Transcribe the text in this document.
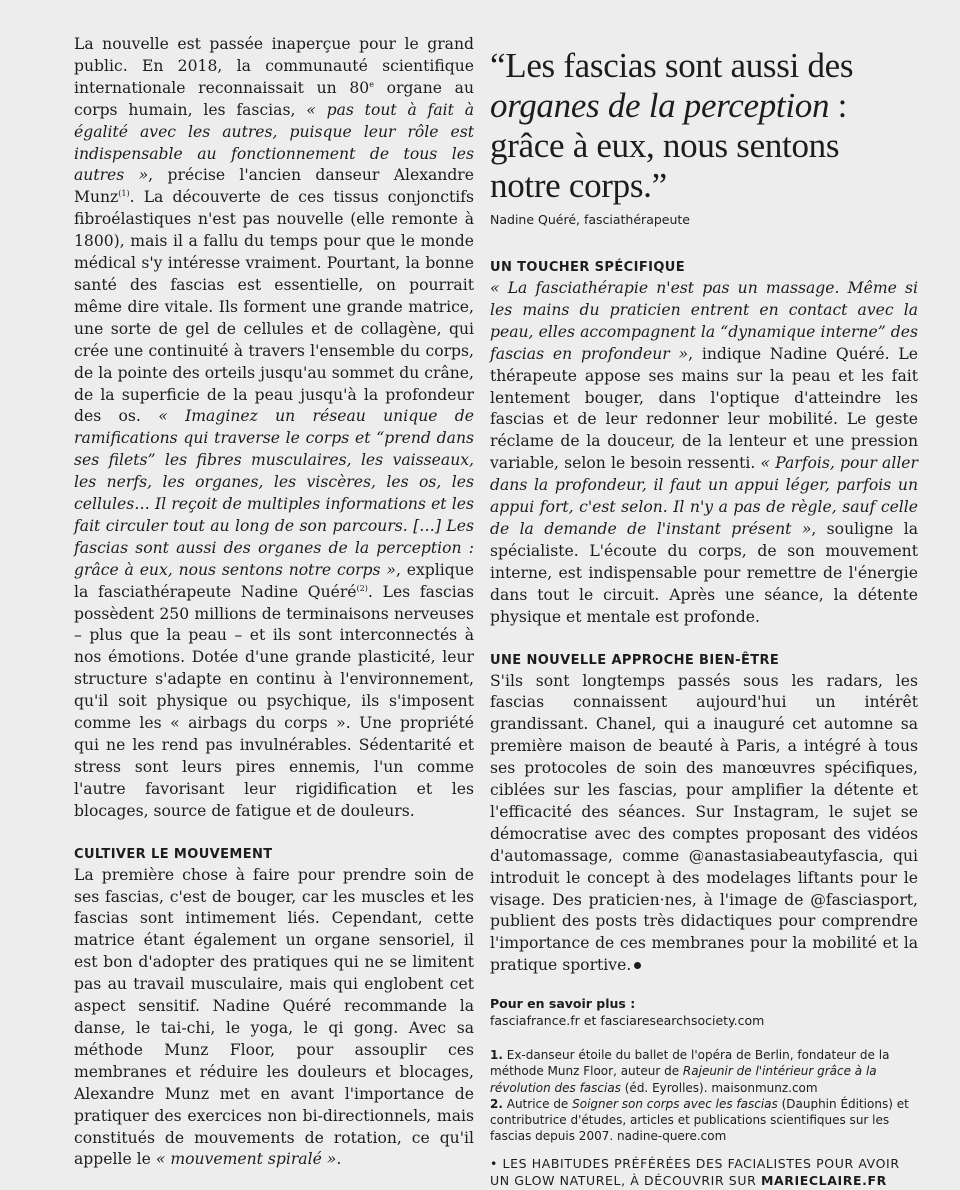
La nouvelle est passée inaperçue pour le grand public. En 2018, la communauté scientifique internationale reconnaissait un 80e organe au corps humain, les fascias, « pas tout à fait à égalité avec les autres, puisque leur rôle est indispensable au fonctionnement de tous les autres », précise l'ancien danseur Alexandre Munz$^{(1)}$. La découverte de ces tissus conjonctifs fibroélastiques n'est pas nouvelle (elle remonte à 1800), mais il a fallu du temps pour que le monde médical s'y intéresse vraiment. Pourtant, la bonne santé des fascias est essentielle, on pourrait même dire vitale. Ils forment une grande matrice, une sorte de gel de cellules et de collagène, qui crée une continuité à travers l'ensemble du corps, de la pointe des orteils jusqu'au sommet du crâne, de la superficie de la peau jusqu'à la profondeur des os. « Imaginez un réseau unique de ramifications qui traverse le corps et “prend dans ses filets” les fibres musculaires, les vaisseaux, les nerfs, les organes, les viscères, les os, les cellules… Il reçoit de multiples informations et les fait circuler tout au long de son parcours. […] Les fascias sont aussi des organes de la perception : grâce à eux, nous sentons notre corps », explique la fasciathérapeute Nadine Quéré$^{(2)}$. Les fascias possèdent 250 millions de terminaisons nerveuses – plus que la peau – et ils sont interconnectés à nos émotions. Dotée d'une grande plasticité, leur structure s'adapte en continu à l'environnement, qu'il soit physique ou psychique, ils s'imposent comme les « airbags du corps ». Une propriété qui ne les rend pas invulnérables. Sédentarité et stress sont leurs pires ennemis, l'un comme l'autre favorisant leur rigidification et les blocages, source de fatigue et de douleurs.

CULTIVER LE MOUVEMENT

La première chose à faire pour prendre soin de ses fascias, c'est de bouger, car les muscles et les fascias sont intimement liés. Cependant, cette matrice étant également un organe sensoriel, il est bon d'adopter des pratiques qui ne se limitent pas au travail musculaire, mais qui englobent cet aspect sensitif. Nadine Quéré recommande la danse, le tai-chi, le yoga, le qi gong. Avec sa méthode Munz Floor, pour assouplir ces membranes et réduire les douleurs et blocages, Alexandre Munz met en avant l'importance de pratiquer des exercices non bi-directionnels, mais constitués de mouvements de rotation, ce qu'il appelle le « mouvement spiralé ».

“Les fascias sont aussi des organes de la perception : grâce à eux, nous sentons notre corps.”

Nadine Quéré, fasciathérapeute

UN TOUCHER SPÉCIFIQUE

« La fasciathérapie n'est pas un massage. Même si les mains du praticien entrent en contact avec la peau, elles accompagnent la “dynamique interne” des fascias en profondeur », indique Nadine Quéré. Le thérapeute appose ses mains sur la peau et les fait lentement bouger, dans l'optique d'atteindre les fascias et de leur redonner leur mobilité. Le geste réclame de la douceur, de la lenteur et une pression variable, selon le besoin ressenti. « Parfois, pour aller dans la profondeur, il faut un appui léger, parfois un appui fort, c'est selon. Il n'y a pas de règle, sauf celle de la demande de l'instant présent », souligne la spécialiste. L'écoute du corps, de son mouvement interne, est indispensable pour remettre de l'énergie dans tout le circuit. Après une séance, la détente physique et mentale est profonde.

UNE NOUVELLE APPROCHE BIEN-ÊTRE

S'ils sont longtemps passés sous les radars, les fascias connaissent aujourd'hui un intérêt grandissant. Chanel, qui a inauguré cet automne sa première maison de beauté à Paris, a intégré à tous ses protocoles de soin des manœuvres spécifiques, ciblées sur les fascias, pour amplifier la détente et l'efficacité des séances. Sur Instagram, le sujet se démocratise avec des comptes proposant des vidéos d'automassage, comme @anastasiabeautyfascia, qui introduit le concept à des modelages liftants pour le visage. Des praticien·nes, à l'image de @fasciasport, publient des posts très didactiques pour comprendre l'importance de ces membranes pour la mobilité et la pratique sportive.

Pour en savoir plus :
fasciafrance.fr et fasciaresearchsociety.com
1. Ex-danseur étoile du ballet de l'opéra de Berlin, fondateur de la méthode Munz Floor, auteur de Rajeunir de l'intérieur grâce à la révolution des fascias (éd. Eyrolles). maisonmunz.com
2. Autrice de Soigner son corps avec les fascias (Dauphin Éditions) et contributrice d'études, articles et publications scientifiques sur les fascias depuis 2007. nadine-quere.com
• LES HABITUDES PRÉFÉRÉES DES FACIALISTES POUR AVOIR UN GLOW NATUREL, À DÉCOUVRIR SUR MARIECLAIRE.FR
